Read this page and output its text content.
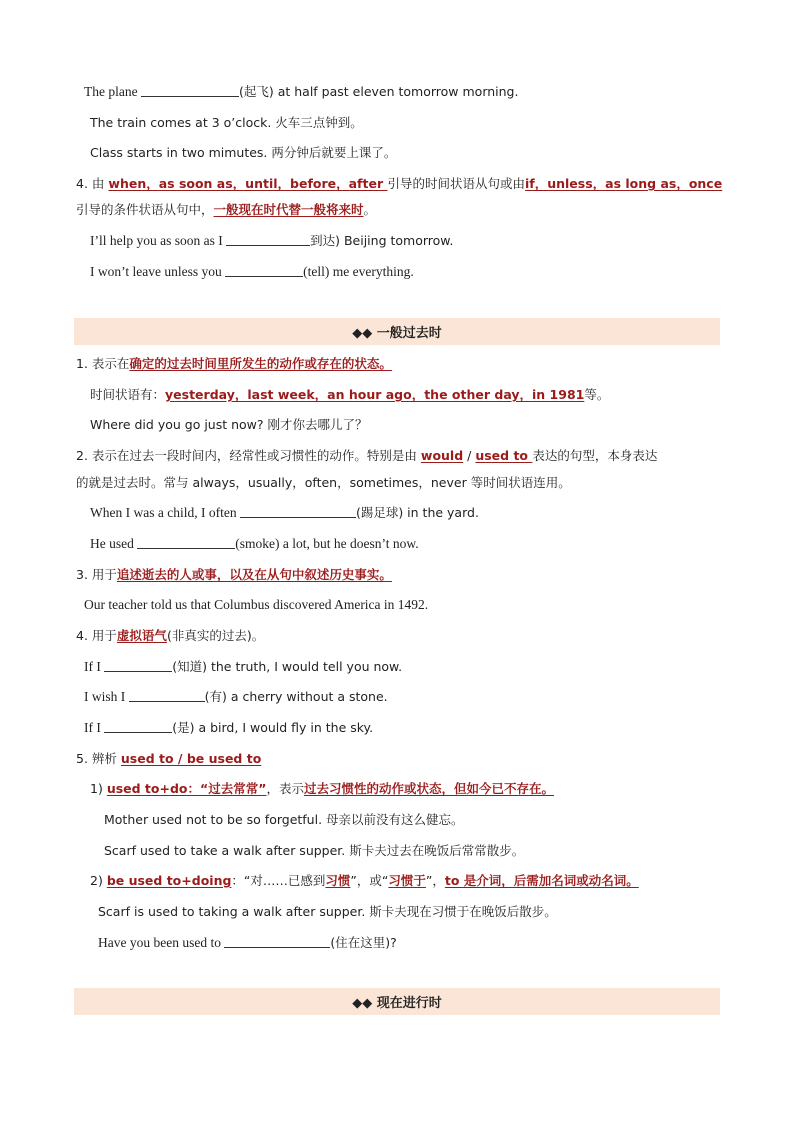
The plane	(起飞) at half past eleven tomorrow morning.
The train comes at 3 o’clock. 火车三点钟到。
Class starts in two mimutes. 两分钟后就要上课了。
4. 由 when，as soon as，until，before，after 引导的时间状语从句或由if，unless，as long as，once
引导的条件状语从句中，一般现在时代替一般将来时。
I’ll help you as soon as I	到达) Beijing tomorrow.
I won’t leave unless you	(tell) me everything.
◆◆ 一般过去时
1. 表示在确定的过去时间里所发生的动作或存在的状态。
时间状语有：yesterday，last week，an hour ago，the other day，in 1981等。
Where did you go just now? 刚才你去哪儿了？
2. 表示在过去一段时间内，经常性或习惯性的动作。特别是由 would / used to 表达的句型，本身表达
的就是过去时。常与 always，usually，often，sometimes，never 等时间状语连用。
When I was a child, I often	(踢足球) in the yard.
He used	(smoke) a lot, but he doesn’t now.
3. 用于追述逝去的人或事，以及在从句中叙述历史事实。
Our teacher told us that Columbus discovered America in 1492.
4. 用于虚拟语气(非真实的过去)。
If I	(知道) the truth, I would tell you now.
I wish I	(有) a cherry without a stone.
If I	(是) a bird, I would fly in the sky.
5. 辨析 used to / be used to
1) used to+do：“过去常常”，表示过去习惯性的动作或状态，但如今已不存在。
Mother used not to be so forgetful. 母亲以前没有这么健忘。
Scarf used to take a walk after supper. 斯卡夫过去在晚饭后常常散步。
2) be used to+doing：“对……已感到习惯”，或“习惯于”，to 是介词，后需加名词或动名词。
Scarf is used to taking a walk after supper. 斯卡夫现在习惯于在晚饭后散步。
Have you been used to	(住在这里)?
◆◆ 现在进行时
